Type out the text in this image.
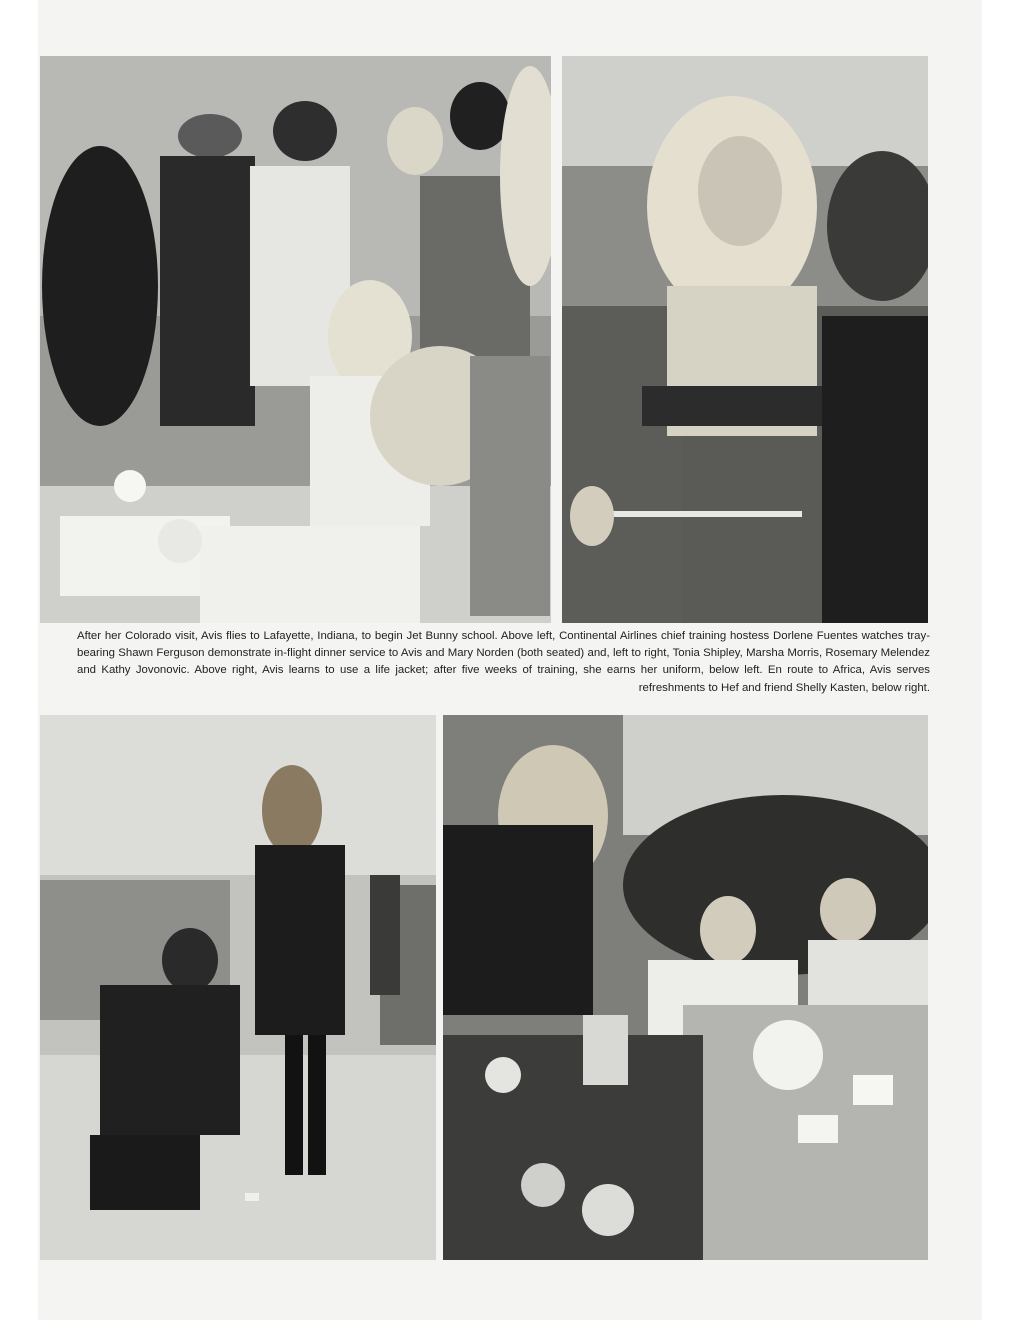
After her Colorado visit, Avis flies to Lafayette, Indiana, to begin Jet Bunny school. Above left, Continental Airlines chief training hostess Dorlene Fuentes watches tray-bearing Shawn Ferguson demonstrate in-flight dinner service to Avis and Mary Norden (both seated) and, left to right, Tonia Shipley, Marsha Morris, Rosemary Melendez and Kathy Jovonovic. Above right, Avis learns to use a life jacket; after five weeks of training, she earns her uniform, below left. En route to Africa, Avis serves refreshments to Hef and friend Shelly Kasten, below right.
